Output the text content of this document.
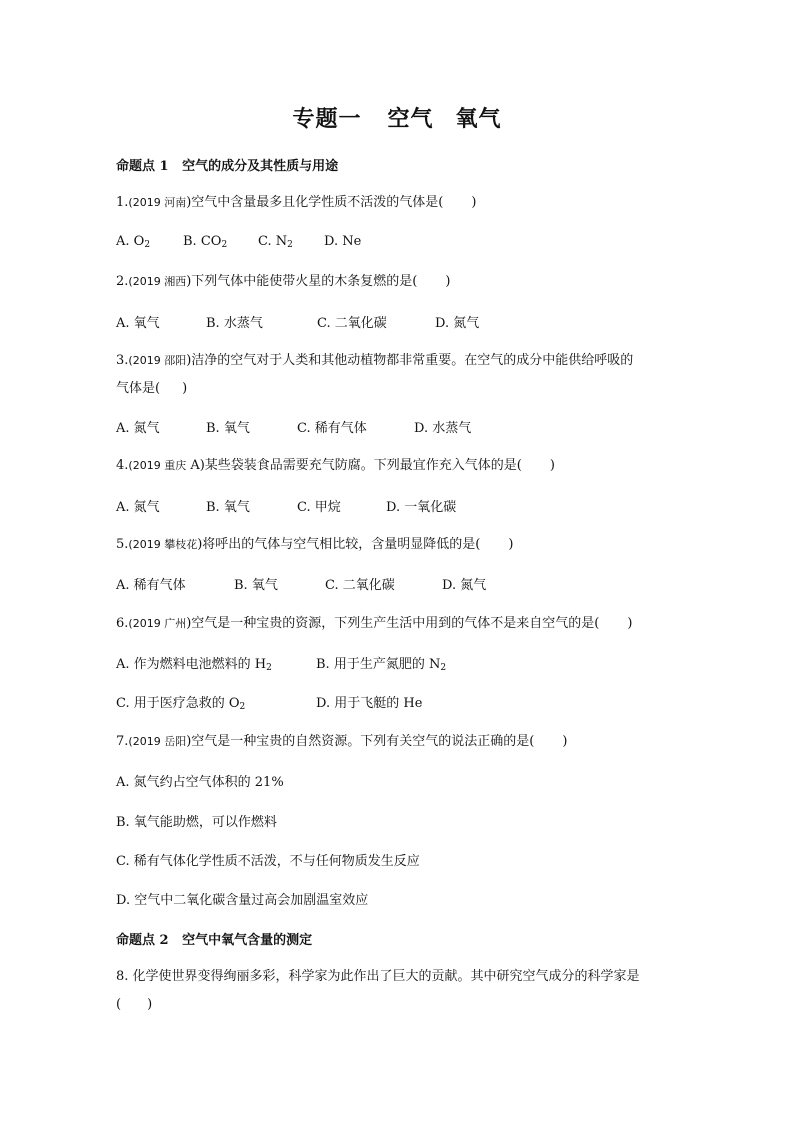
专题一 空气 氧气
命题点 1 空气的成分及其性质与用途
1.(2019 河南)空气中含量最多且化学性质不活泼的气体是( )
A. $O_2$	B. $CO_2$ C. $N_2$ D. Ne
2.(2019 湘西)下列气体中能使带火星的木条复燃的是( )
A. 氧气	B. 水蒸气	C. 二氧化碳	D. 氮气
3.(2019 邵阳)洁净的空气对于人类和其他动植物都非常重要。在空气的成分中能供给呼吸的
气体是( )
A. 氮气	B. 氧气	C. 稀有气体	D. 水蒸气
4.(2019 重庆 A)某些袋装食品需要充气防腐。下列最宜作充入气体的是( )
A. 氮气	B. 氧气	C. 甲烷	D. 一氧化碳
5.(2019 攀枝花)将呼出的气体与空气相比较，含量明显降低的是( )
A. 稀有气体	B. 氧气	C. 二氧化碳	D. 氮气
6.(2019 广州)空气是一种宝贵的资源，下列生产生活中用到的气体不是来自空气的是( )
A. 作为燃料电池燃料的 $H_2$	B. 用于生产氮肥的 $N_2$
C. 用于医疗急救的 $O_2$	D. 用于飞艇的 He
7.(2019 岳阳)空气是一种宝贵的自然资源。下列有关空气的说法正确的是( )
A. 氮气约占空气体积的 21%
B. 氧气能助燃，可以作燃料
C. 稀有气体化学性质不活泼，不与任何物质发生反应
D. 空气中二氧化碳含量过高会加剧温室效应
命题点 2 空气中氧气含量的测定
8. 化学使世界变得绚丽多彩，科学家为此作出了巨大的贡献。其中研究空气成分的科学家是
( )
